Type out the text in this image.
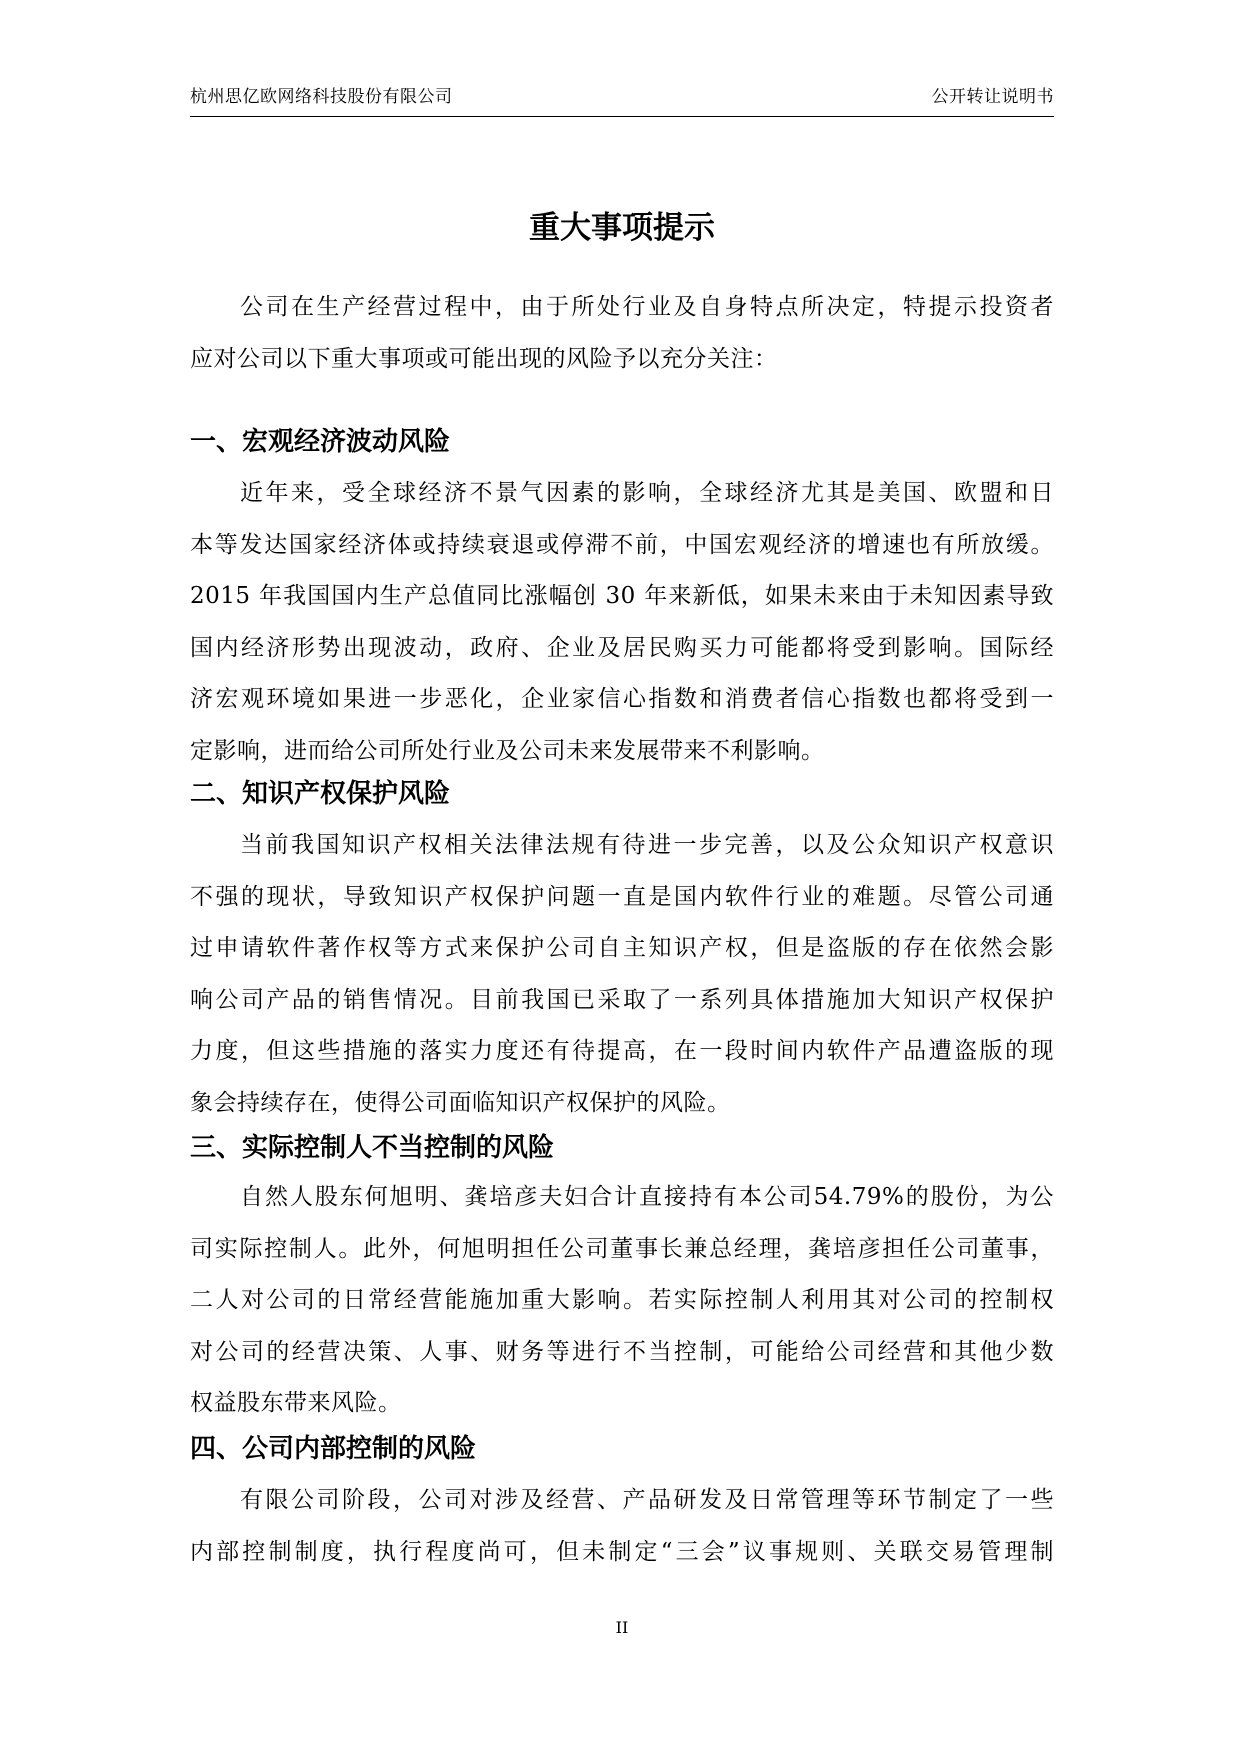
杭州思亿欧网络科技股份有限公司	公开转让说明书
重大事项提示
公司在生产经营过程中，由于所处行业及自身特点所决定，特提示投资者
应对公司以下重大事项或可能出现的风险予以充分关注：
一、宏观经济波动风险
近年来，受全球经济不景气因素的影响，全球经济尤其是美国、欧盟和日
本等发达国家经济体或持续衰退或停滞不前，中国宏观经济的增速也有所放缓。
2015 年我国国内生产总值同比涨幅创 30 年来新低，如果未来由于未知因素导致
国内经济形势出现波动，政府、企业及居民购买力可能都将受到影响。国际经
济宏观环境如果进一步恶化，企业家信心指数和消费者信心指数也都将受到一
定影响，进而给公司所处行业及公司未来发展带来不利影响。
二、知识产权保护风险
当前我国知识产权相关法律法规有待进一步完善，以及公众知识产权意识
不强的现状，导致知识产权保护问题一直是国内软件行业的难题。尽管公司通
过申请软件著作权等方式来保护公司自主知识产权，但是盗版的存在依然会影
响公司产品的销售情况。目前我国已采取了一系列具体措施加大知识产权保护
力度，但这些措施的落实力度还有待提高，在一段时间内软件产品遭盗版的现
象会持续存在，使得公司面临知识产权保护的风险。
三、实际控制人不当控制的风险
自然人股东何旭明、龚培彦夫妇合计直接持有本公司54.79%的股份，为公
司实际控制人。此外，何旭明担任公司董事长兼总经理，龚培彦担任公司董事，
二人对公司的日常经营能施加重大影响。若实际控制人利用其对公司的控制权
对公司的经营决策、人事、财务等进行不当控制，可能给公司经营和其他少数
权益股东带来风险。
四、公司内部控制的风险
有限公司阶段，公司对涉及经营、产品研发及日常管理等环节制定了一些
内部控制制度，执行程度尚可，但未制定“三会”议事规则、关联交易管理制
II
